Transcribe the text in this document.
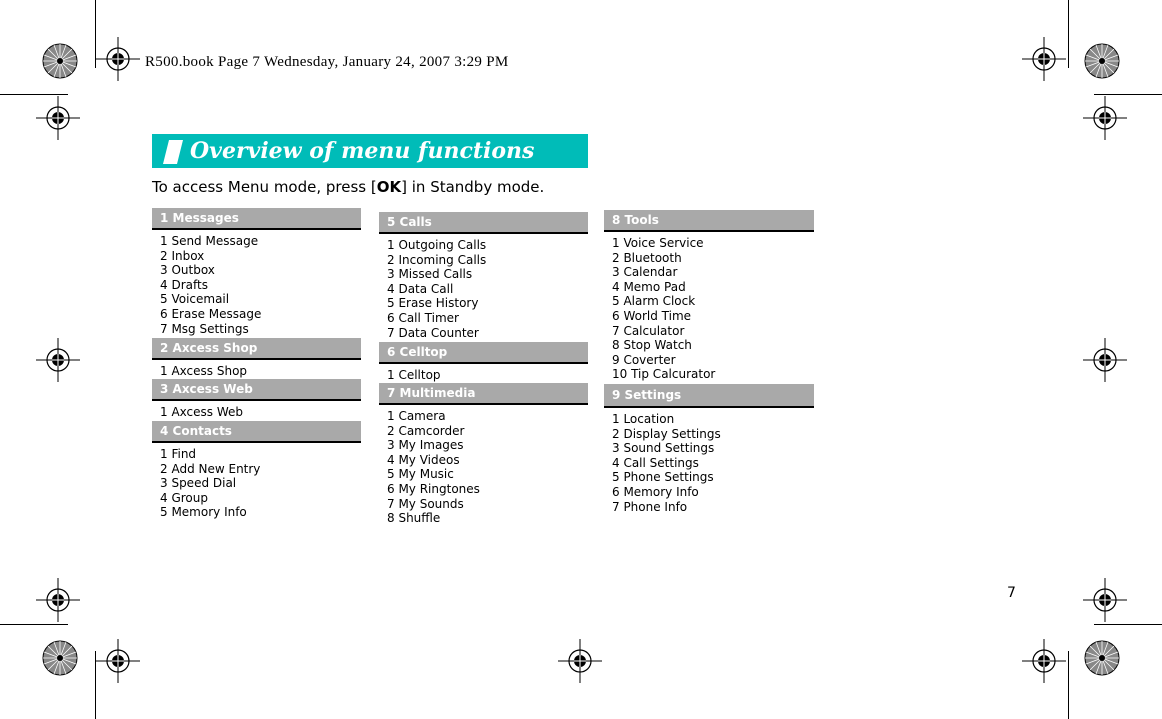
R500.book Page 7 Wednesday, January 24, 2007 3:29 PM
Overview of menu functions
To access Menu mode, press [OK] in Standby mode.
1 Messages
1 Send Message
2 Inbox
3 Outbox
4 Drafts
5 Voicemail
6 Erase Message
7 Msg Settings
2 Axcess Shop
1 Axcess Shop
3 Axcess Web
1 Axcess Web
4 Contacts
1 Find
2 Add New Entry
3 Speed Dial
4 Group
5 Memory Info
5 Calls
1 Outgoing Calls
2 Incoming Calls
3 Missed Calls
4 Data Call
5 Erase History
6 Call Timer
7 Data Counter
6 Celltop
1 Celltop
7 Multimedia
1 Camera
2 Camcorder
3 My Images
4 My Videos
5 My Music
6 My Ringtones
7 My Sounds
8 Shuffle
8 Tools
1 Voice Service
2 Bluetooth
3 Calendar
4 Memo Pad
5 Alarm Clock
6 World Time
7 Calculator
8 Stop Watch
9 Coverter
10 Tip Calcurator
9 Settings
1 Location
2 Display Settings
3 Sound Settings
4 Call Settings
5 Phone Settings
6 Memory Info
7 Phone Info
7
